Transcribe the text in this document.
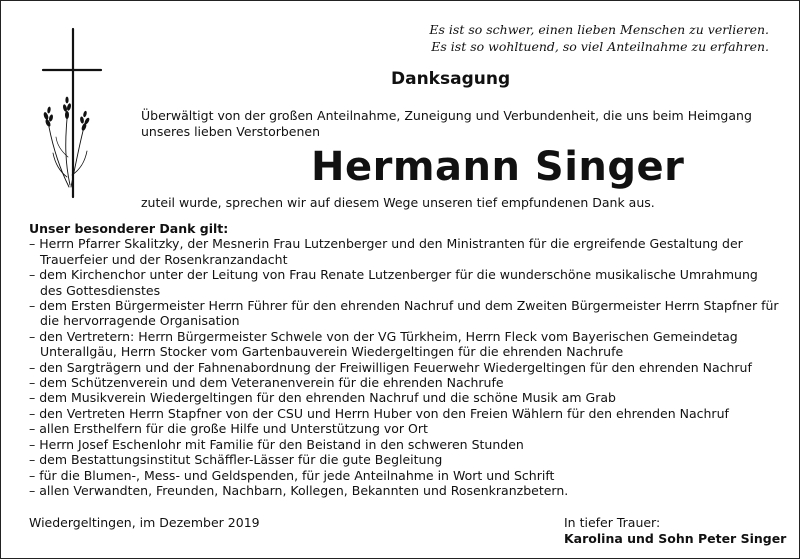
Es ist so schwer, einen lieben Menschen zu verlieren.
Es ist so wohltuend, so viel Anteilnahme zu erfahren.
Danksagung
Überwältigt von der großen Anteilnahme, Zuneigung und Verbundenheit, die uns beim Heimgang unseres lieben Verstorbenen
Hermann Singer
zuteil wurde, sprechen wir auf diesem Wege unseren tief empfundenen Dank aus.
Unser besonderer Dank gilt:
– Herrn Pfarrer Skalitzky, der Mesnerin Frau Lutzenberger und den Ministranten für die ergreifende Gestaltung der Trauerfeier und der Rosenkranzandacht
– dem Kirchenchor unter der Leitung von Frau Renate Lutzenberger für die wunderschöne musikalische Umrahmung des Gottesdienstes
– dem Ersten Bürgermeister Herrn Führer für den ehrenden Nachruf und dem Zweiten Bürgermeister Herrn Stapfner für die hervorragende Organisation
– den Vertretern: Herrn Bürgermeister Schwele von der VG Türkheim, Herrn Fleck vom Bayerischen Gemeindetag Unterallgäu, Herrn Stocker vom Gartenbauverein Wiedergeltingen für die ehrenden Nachrufe
– den Sargträgern und der Fahnenabordnung der Freiwilligen Feuerwehr Wiedergeltingen für den ehrenden Nachruf
– dem Schützenverein und dem Veteranenverein für die ehrenden Nachrufe
– dem Musikverein Wiedergeltingen für den ehrenden Nachruf und die schöne Musik am Grab
– den Vertreten Herrn Stapfner von der CSU und Herrn Huber von den Freien Wählern für den ehrenden Nachruf
– allen Ersthelfern für die große Hilfe und Unterstützung vor Ort
– Herrn Josef Eschenlohr mit Familie für den Beistand in den schweren Stunden
– dem Bestattungsinstitut Schäffler-Lässer für die gute Begleitung
– für die Blumen-, Mess- und Geldspenden, für jede Anteilnahme in Wort und Schrift
– allen Verwandten, Freunden, Nachbarn, Kollegen, Bekannten und Rosenkranzbetern.
Wiedergeltingen, im Dezember 2019	In tiefer Trauer:
Karolina und Sohn Peter Singer
